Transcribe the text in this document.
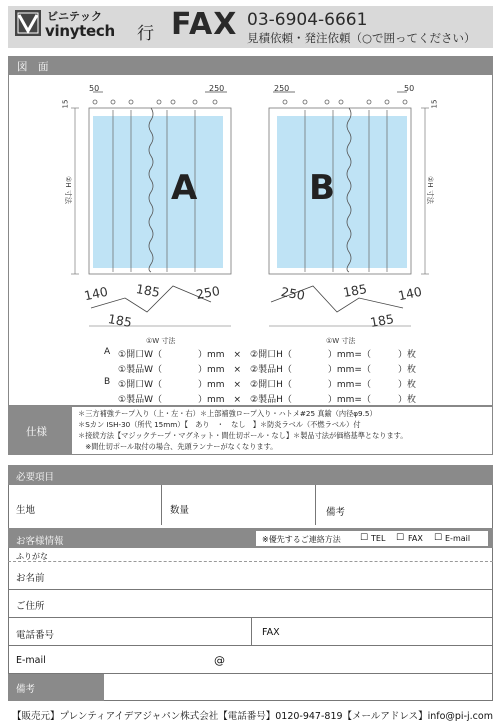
ビニテック
vinytech 行 FAX 03-6904-6661
見積依頼・発注依頼（○で囲ってください）
図　面
15
50	250
②H 寸法	A
140 185
185
250
①W 寸法
250	50
15
②H 寸法
B
250	185 140
185
①W 寸法
A ①開口W（　　　　）mm　×　②開口H（　　　　）mm=（　　　）枚
①製品W（　　　　）mm　×　②製品H（　　　　）mm=（　　　）枚
B ①開口W（　　　　）mm　×　②開口H（　　　　）mm=（　　　）枚
①製品W（　　　　）mm　×　②製品H（　　　　）mm=（　　　）枚
仕様
＊三方補強テープ入り（上・左・右）＊上部補強ロープ入り・ハトメ#25 真鍮（内径φ9.5）
＊Sカン ISH-30（所代 15mm）【　あり　・　なし　】＊防炎ラベル（不燃ラベル）付
＊接続方法【マジックテープ・マグネット・間仕切ポール・なし】＊製品寸法が価格基準となります。
　※間仕切ポール取付の場合、先頭ランナーがなくなります。
必要項目
生地	数量	備考
お客様情報	※優先するご連絡方法 ☐ TEL ☐ FAX ☐ E-mail
ふりがな
お名前
ご住所
電話番号	FAX
E-mail	@
備考
【販売元】プレンティアイデアジャパン株式会社【電話番号】0120-947-819【メールアドレス】info@pi-j.com
